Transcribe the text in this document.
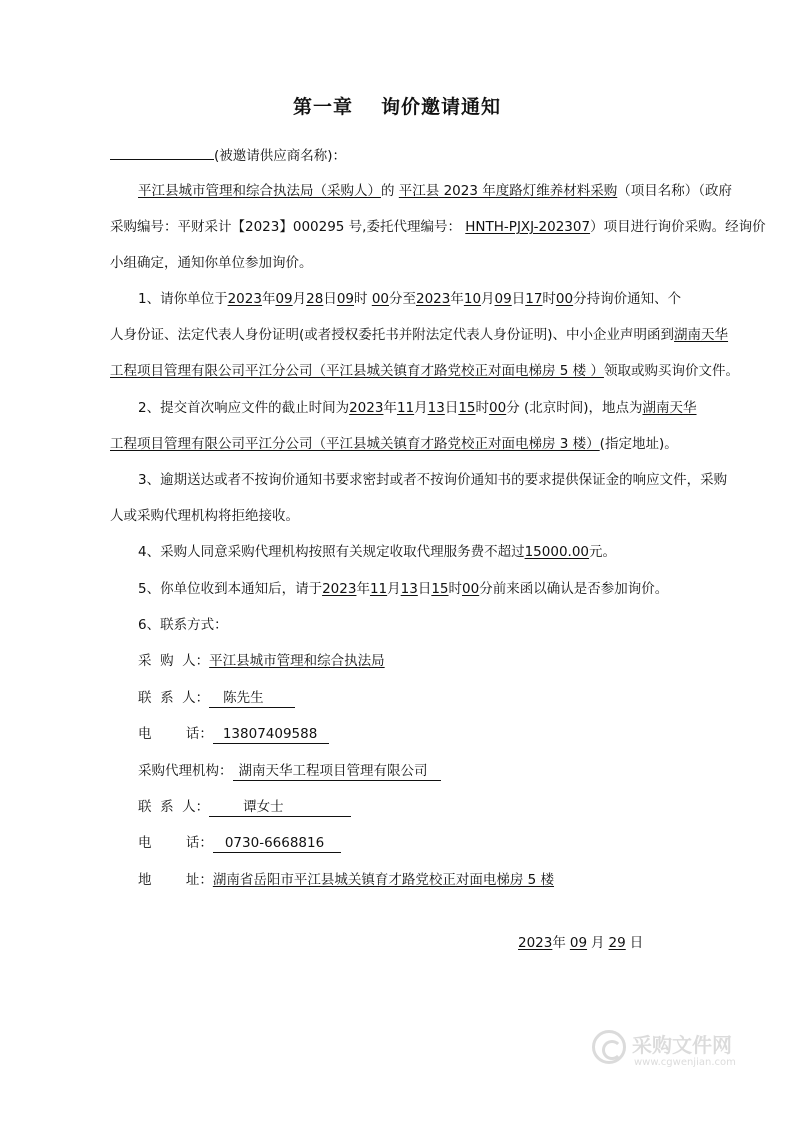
第一章 询价邀请通知
(被邀请供应商名称)：
平江县城市管理和综合执法局（采购人）的 平江县 2023 年度路灯维养材料采购（项目名称）（政府
采购编号：平财采计【2023】000295 号,委托代理编号： HNTH-PJXJ-202307）项目进行询价采购。经询价
小组确定，通知你单位参加询价。
1、请你单位于2023年09月28日09时 00分至2023年10月09日17时00分持询价通知、个
人身份证、法定代表人身份证明(或者授权委托书并附法定代表人身份证明)、中小企业声明函到湖南天华
工程项目管理有限公司平江分公司（平江县城关镇育才路党校正对面电梯房 5 楼 ）领取或购买询价文件。
2、提交首次响应文件的截止时间为2023年11月13日15时00分 (北京时间)，地点为湖南天华
工程项目管理有限公司平江分公司（平江县城关镇育才路党校正对面电梯房 3 楼）(指定地址)。
3、逾期送达或者不按询价通知书要求密封或者不按询价通知书的要求提供保证金的响应文件，采购
人或采购代理机构将拒绝接收。
4、采购人同意采购代理机构按照有关规定收取代理服务费不超过15000.00元。
5、你单位收到本通知后，请于2023年11月13日15时00分前来函以确认是否参加询价。
6、联系方式：
采  购  人：平江县城市管理和综合执法局
联  系  人： 陈先生
电        话： 13807409588
采购代理机构： 湖南天华工程项目管理有限公司
联  系  人：	谭女士
电        话： 0730-6668816
地        址：湖南省岳阳市平江县城关镇育才路党校正对面电梯房 5 楼
2023年 09 月 29 日
采购文件网
www.cgwenjian.com
